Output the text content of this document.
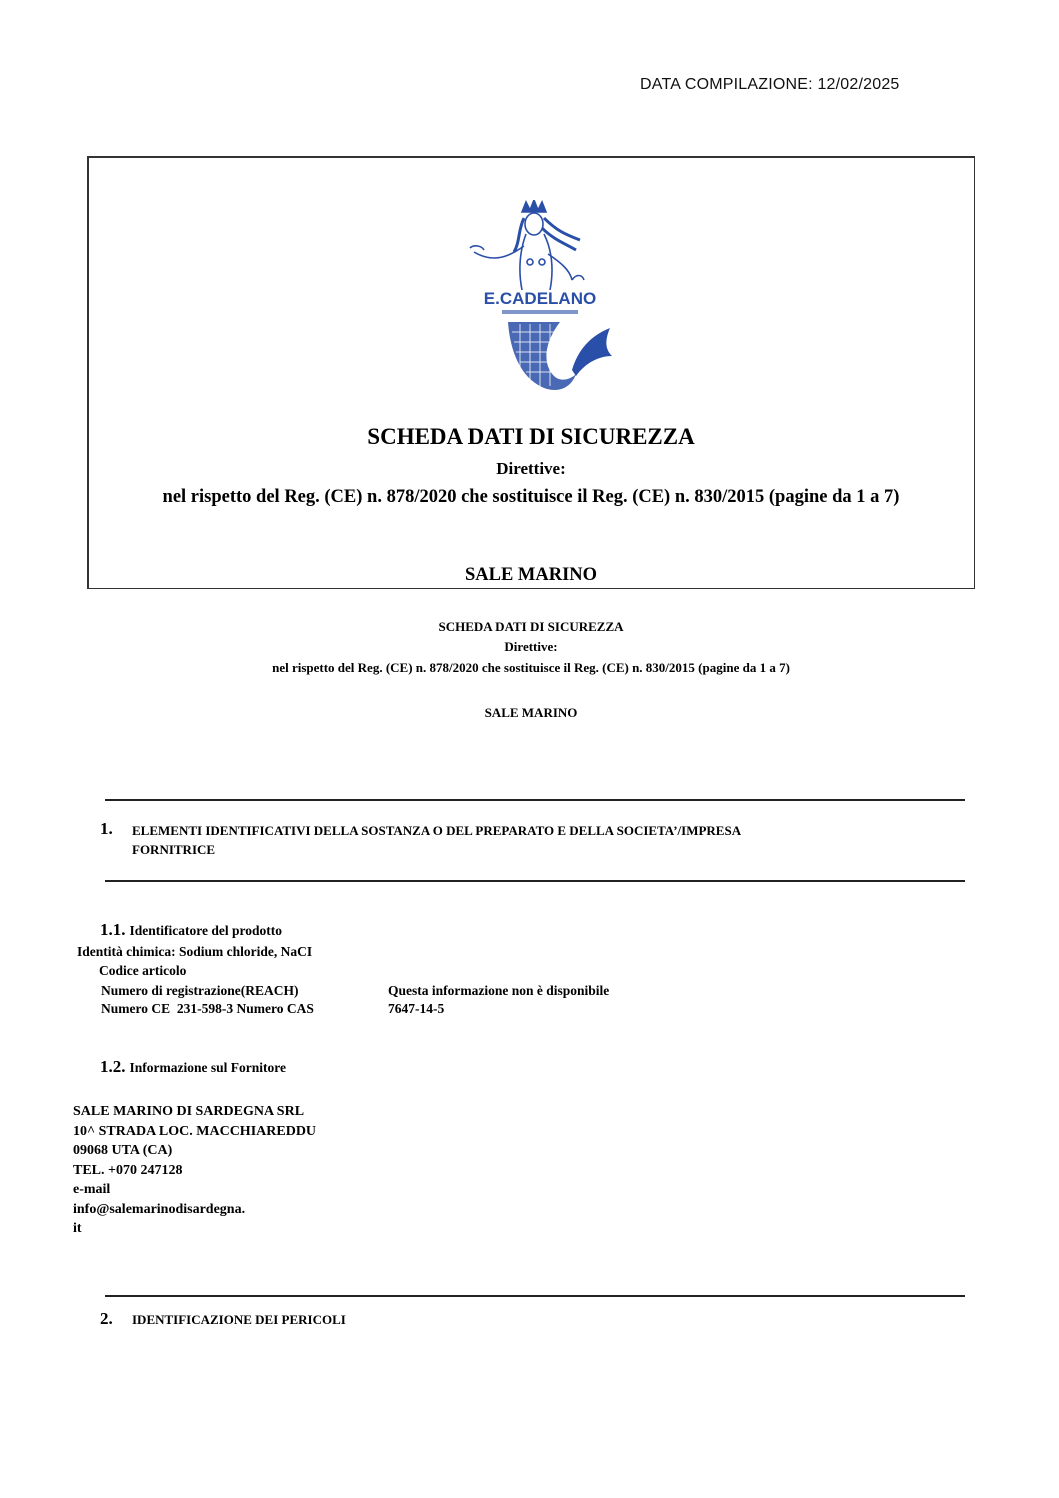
DATA COMPILAZIONE: 12/02/2025
E.CADELANO
SCHEDA DATI DI SICUREZZA
Direttive:
nel rispetto del Reg. (CE) n. 878/2020 che sostituisce il Reg. (CE) n. 830/2015 (pagine da 1 a 7)
SALE MARINO
SCHEDA DATI DI SICUREZZA
Direttive:
nel rispetto del Reg. (CE) n. 878/2020 che sostituisce il Reg. (CE) n. 830/2015 (pagine da 1 a 7)
SALE MARINO
1. ELEMENTI IDENTIFICATIVI DELLA SOSTANZA O DEL PREPARATO E DELLA SOCIETA’/IMPRESA
FORNITRICE
1.1. Identificatore del prodotto
Identità chimica: Sodium chloride, NaCI
Codice articolo
Numero di registrazione(REACH)	Questa informazione non è disponibile
Numero CE  231-598-3 Numero CAS	7647-14-5
1.2. Informazione sul Fornitore
SALE MARINO DI SARDEGNA SRL
10^ STRADA LOC. MACCHIAREDDU
09068 UTA (CA)
TEL. +070 247128
e-mail
info@salemarinodisardegna.
it
2. IDENTIFICAZIONE DEI PERICOLI
